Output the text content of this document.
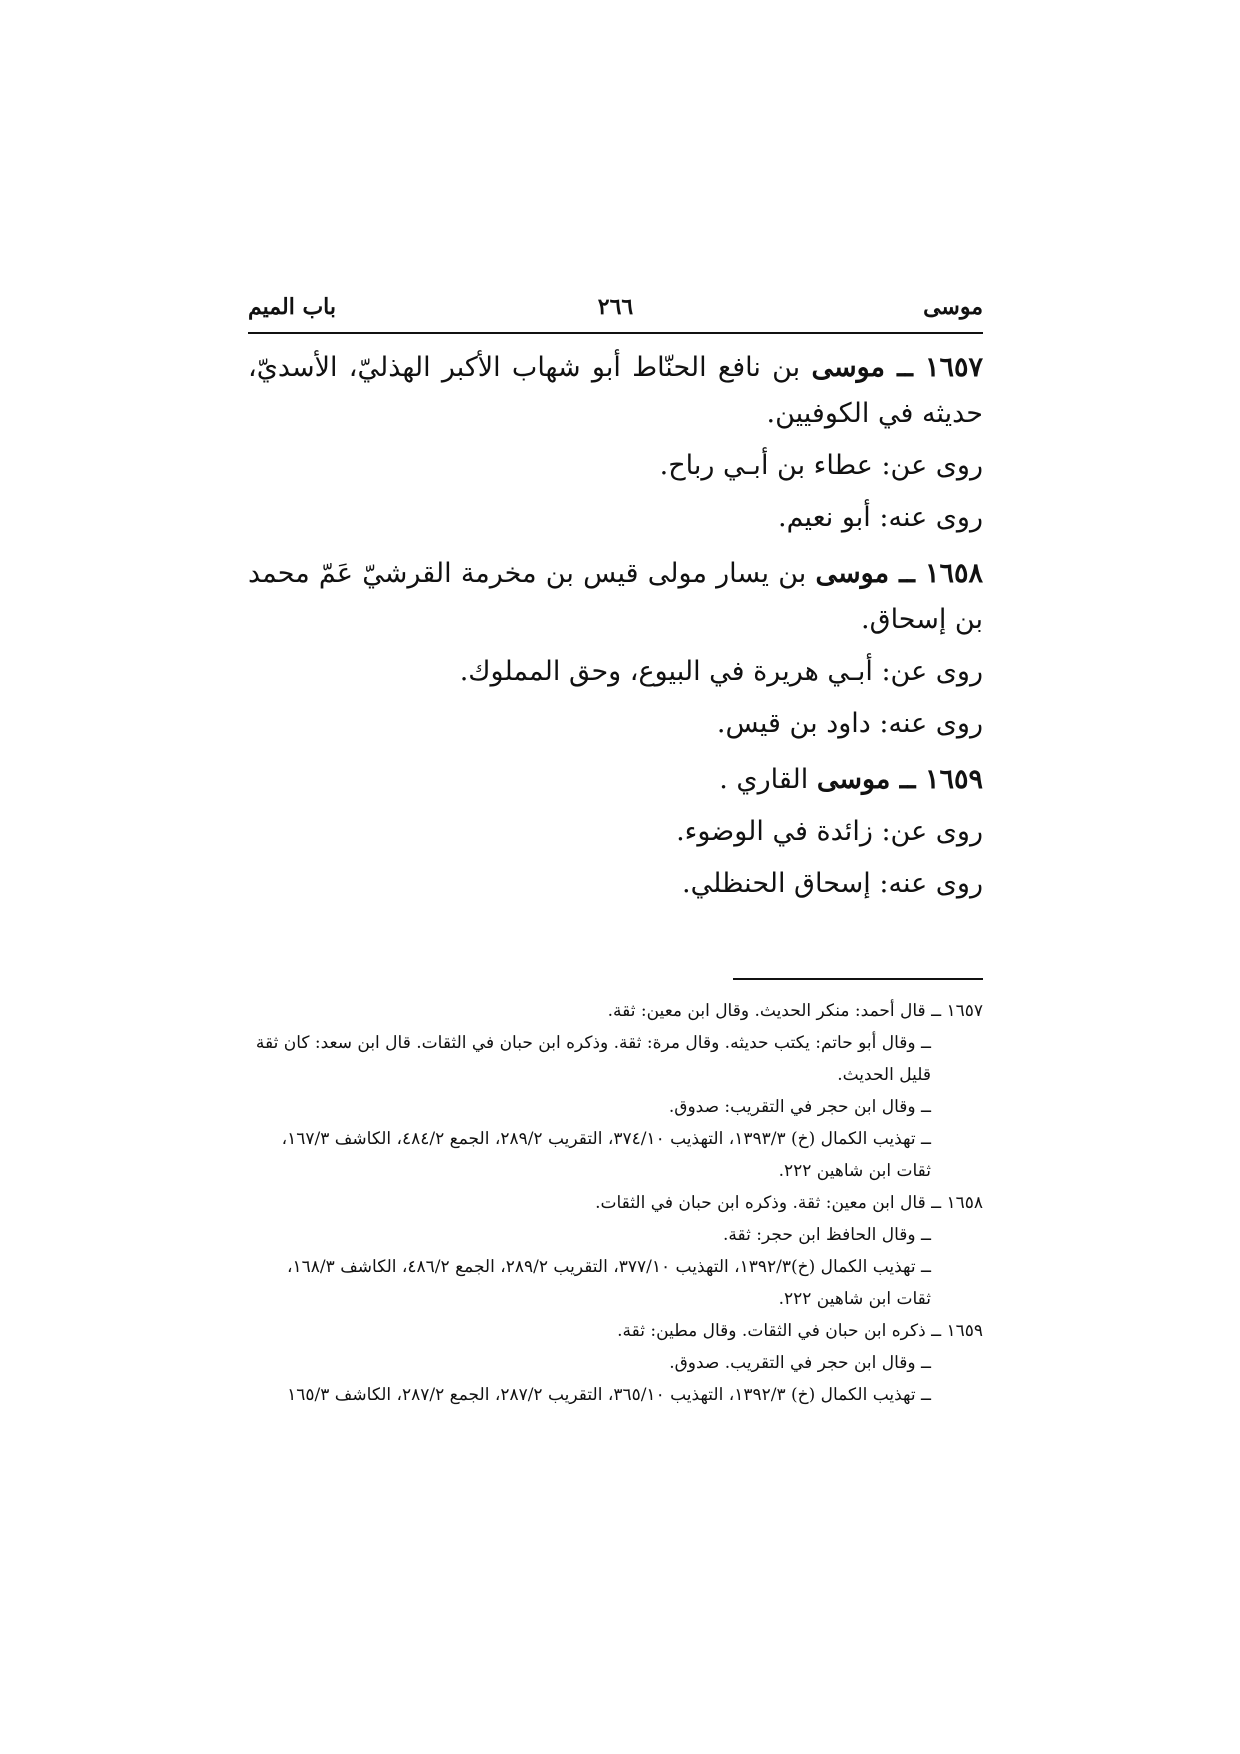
موسى
٢٦٦
باب الميم

١٦٥٧ ــ موسى بن نافع الحنّاط أبو شهاب الأكبر الهذليّ، الأسديّ، حديثه في الكوفيين.

روى عن: عطاء بن أبـي رباح.

روى عنه: أبو نعيم.

١٦٥٨ ــ موسى بن يسار مولى قيس بن مخرمة القرشيّ عَمّ محمد بن إسحاق.

روى عن: أبـي هريرة في البيوع، وحق المملوك.

روى عنه: داود بن قيس.

١٦٥٩ ــ موسى القاري .

روى عن: زائدة في الوضوء.

روى عنه: إسحاق الحنظلي.

١٦٥٧ ــ قال أحمد: منكر الحديث. وقال ابن معين: ثقة.

ــ وقال أبو حاتم: يكتب حديثه. وقال مرة: ثقة. وذكره ابن حبان في الثقات. قال ابن سعد: كان ثقة قليل الحديث.

ــ وقال ابن حجر في التقريب: صدوق.

ــ تهذيب الكمال (خ) ١٣٩٣/٣، التهذيب ٣٧٤/١٠، التقريب ٢٨٩/٢، الجمع ٤٨٤/٢، الكاشف ١٦٧/٣، ثقات ابن شاهين ٢٢٢.

١٦٥٨ ــ قال ابن معين: ثقة. وذكره ابن حبان في الثقات.

ــ وقال الحافظ ابن حجر: ثقة.

ــ تهذيب الكمال (خ)١٣٩٢/٣، التهذيب ٣٧٧/١٠، التقريب ٢٨٩/٢، الجمع ٤٨٦/٢، الكاشف ١٦٨/٣، ثقات ابن شاهين ٢٢٢.

١٦٥٩ ــ ذكره ابن حبان في الثقات. وقال مطين: ثقة.

ــ وقال ابن حجر في التقريب. صدوق.

ــ تهذيب الكمال (خ) ١٣٩٢/٣، التهذيب ٣٦٥/١٠، التقريب ٢٨٧/٢، الجمع ٢٨٧/٢، الكاشف ١٦٥/٣
